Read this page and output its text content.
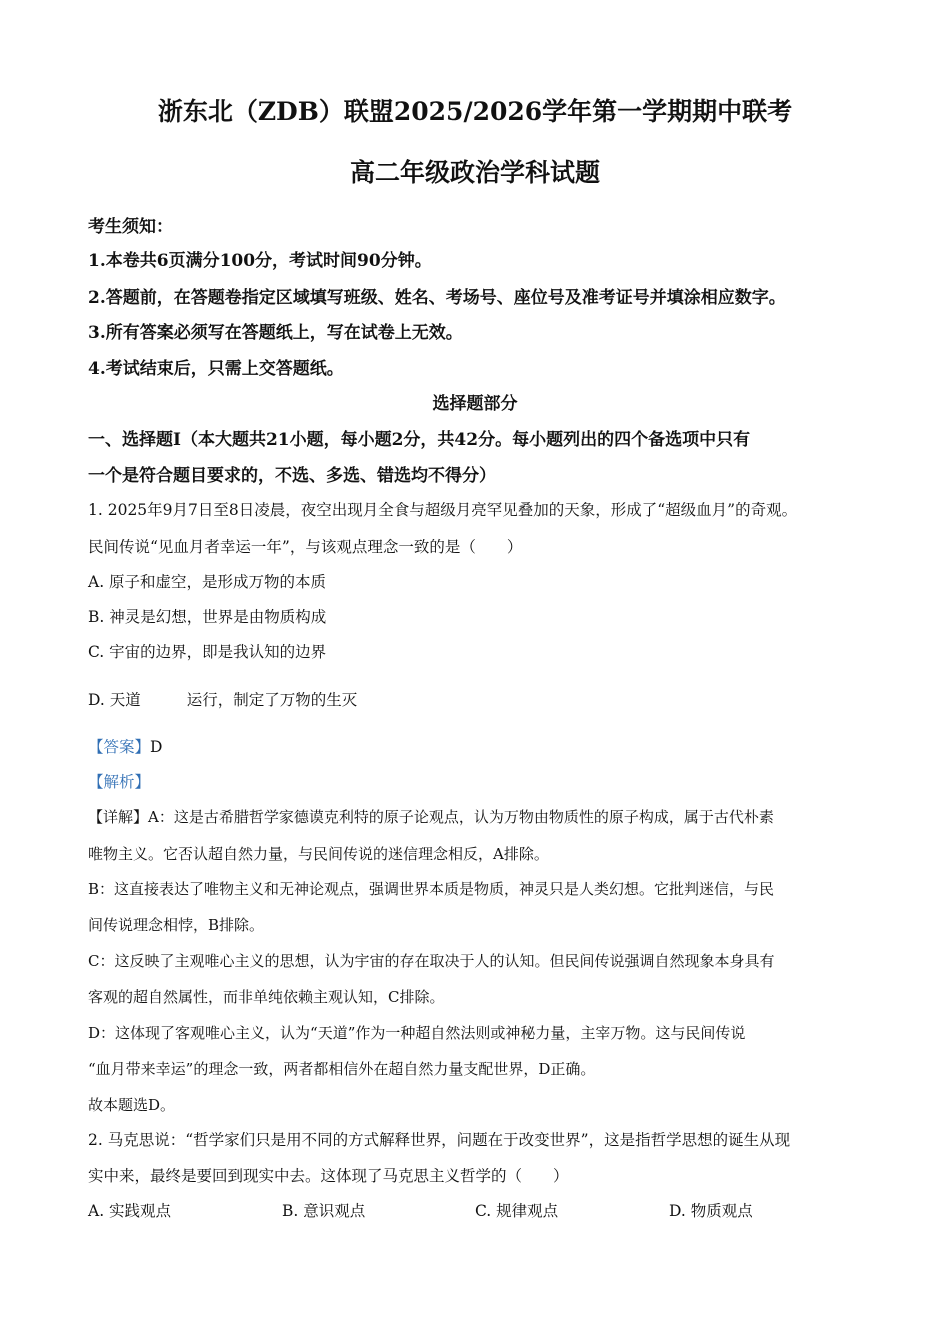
浙东北（ZDB）联盟2025/2026学年第一学期期中联考
高二年级政治学科试题
考生须知：
1.本卷共6页满分100分，考试时间90分钟。
2.答题前，在答题卷指定区域填写班级、姓名、考场号、座位号及准考证号并填涂相应数字。
3.所有答案必须写在答题纸上，写在试卷上无效。
4.考试结束后，只需上交答题纸。
选择题部分
一、选择题Ⅰ（本大题共21小题，每小题2分，共42分。每小题列出的四个备选项中只有
一个是符合题目要求的，不选、多选、错选均不得分）
1. 2025年9月7日至8日凌晨，夜空出现月全食与超级月亮罕见叠加的天象，形成了“超级血月”的奇观。
民间传说“见血月者幸运一年”，与该观点理念一致的是（　　）
A. 原子和虚空，是形成万物的本质
B. 神灵是幻想，世界是由物质构成
C. 宇宙的边界，即是我认知的边界
D. 天道	运行，制定了万物的生灭
【答案】D
【解析】
【详解】A：这是古希腊哲学家德谟克利特的原子论观点，认为万物由物质性的原子构成，属于古代朴素
唯物主义。它否认超自然力量，与民间传说的迷信理念相反，A排除。
B：这直接表达了唯物主义和无神论观点，强调世界本质是物质，神灵只是人类幻想。它批判迷信，与民
间传说理念相悖，B排除。
C：这反映了主观唯心主义的思想，认为宇宙的存在取决于人的认知。但民间传说强调自然现象本身具有
客观的超自然属性，而非单纯依赖主观认知，C排除。
D：这体现了客观唯心主义，认为“天道”作为一种超自然法则或神秘力量，主宰万物。这与民间传说
“血月带来幸运”的理念一致，两者都相信外在超自然力量支配世界，D正确。
故本题选D。
2. 马克思说：“哲学家们只是用不同的方式解释世界，问题在于改变世界”，这是指哲学思想的诞生从现
实中来，最终是要回到现实中去。这体现了马克思主义哲学的（　　）
A. 实践观点	B. 意识观点	C. 规律观点	D. 物质观点
